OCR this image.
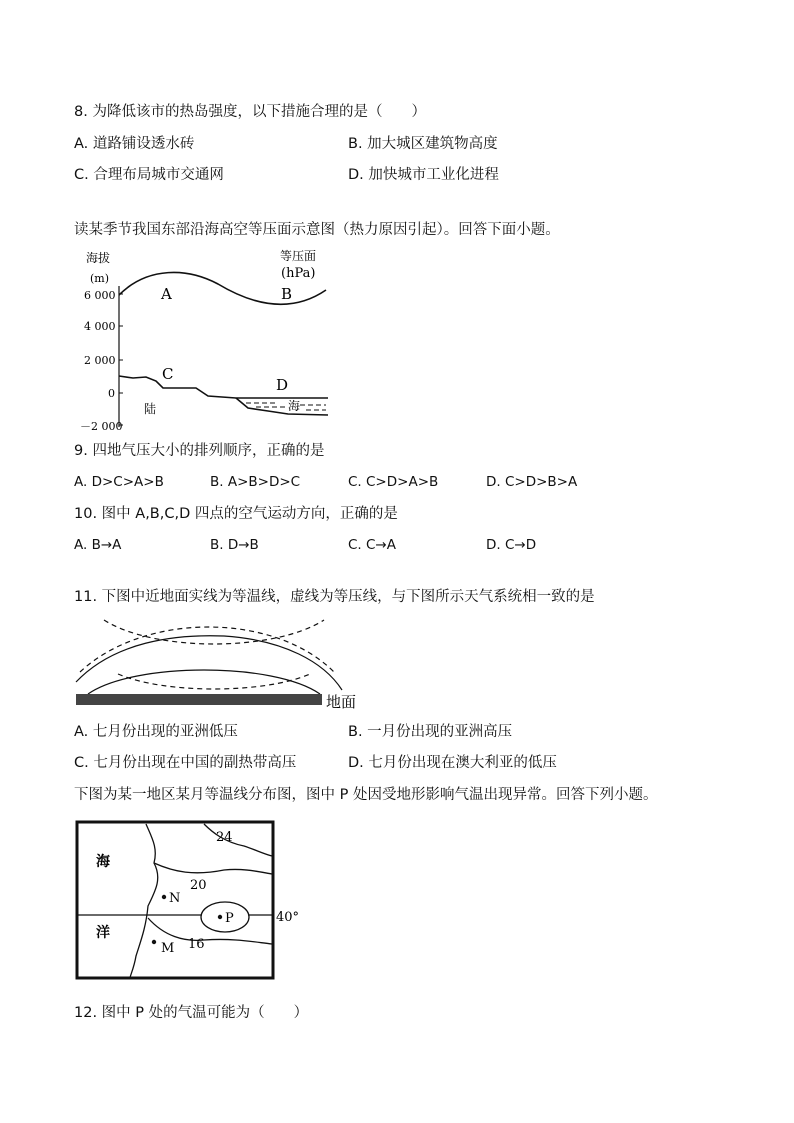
8. 为降低该市的热岛强度，以下措施合理的是（　　）
A. 道路铺设透水砖	B. 加大城区建筑物高度
C. 合理布局城市交通网	D. 加快城市工业化进程
读某季节我国东部沿海高空等压面示意图（热力原因引起）。回答下面小题。
海拔
(m)
等压面
(hPa)
6 000
4 000
2 000
0
－2 000
A	B
C
D
陆	海
9. 四地气压大小的排列顺序，正确的是
A. D>C>A>B	B. A>B>D>C	C. C>D>A>B	D. C>D>B>A
10. 图中 A,B,C,D 四点的空气运动方向，正确的是
A. B→A	B. D→B	C. C→A	D. C→D
11. 下图中近地面实线为等温线，虚线为等压线，与下图所示天气系统相一致的是
地面
A. 七月份出现的亚洲低压	B. 一月份出现的亚洲高压
C. 七月份出现在中国的副热带高压	D. 七月份出现在澳大利亚的低压
下图为某一地区某月等温线分布图，图中 P 处因受地形影响气温出现异常。回答下列小题。
24
20
16
40°
P
N
M
海
洋
12. 图中 P 处的气温可能为（　　）
